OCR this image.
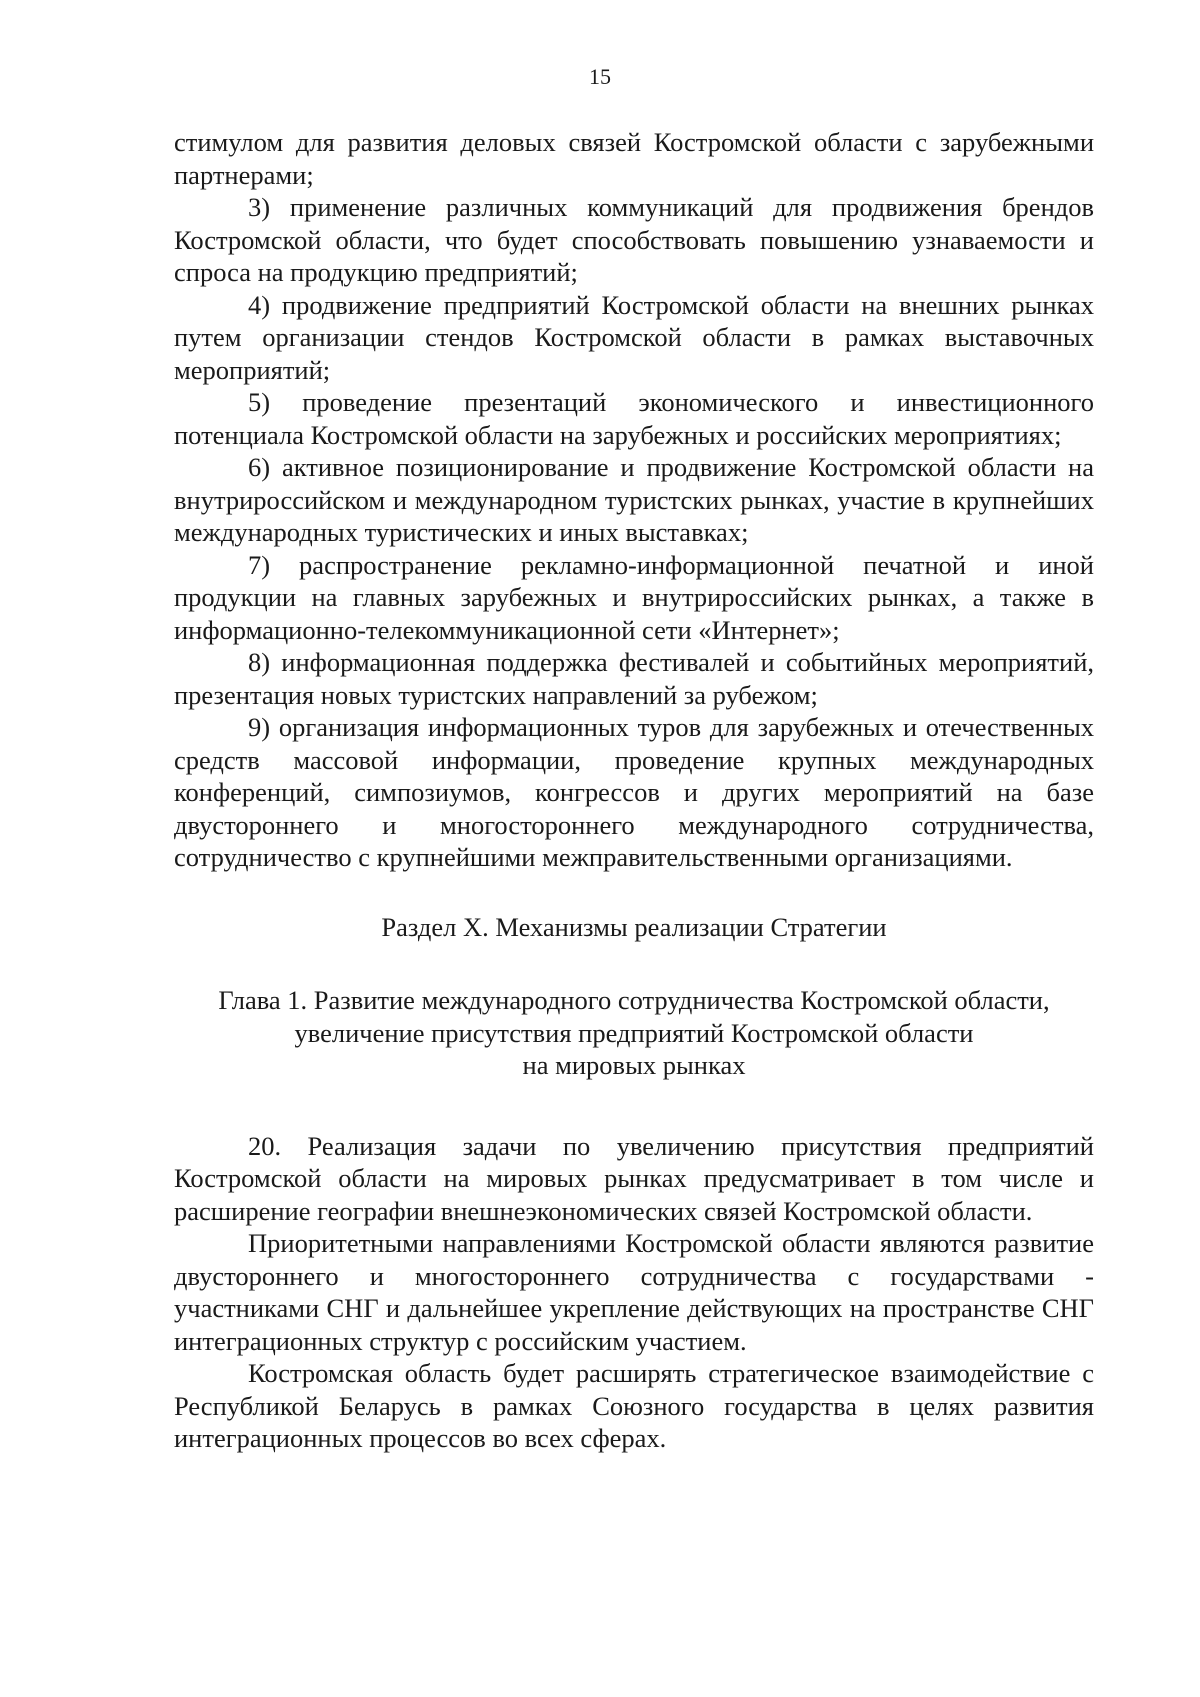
15

стимулом для развития деловых связей Костромской области с зарубежными партнерами;

3) применение различных коммуникаций для продвижения брендов Костромской области, что будет способствовать повышению узнаваемости и спроса на продукцию предприятий;

4) продвижение предприятий Костромской области на внешних рынках путем организации стендов Костромской области в рамках выставочных мероприятий;

5) проведение презентаций экономического и инвестиционного потенциала Костромской области на зарубежных и российских мероприятиях;

6) активное позиционирование и продвижение Костромской области на внутрироссийском и международном туристских рынках, участие в крупнейших международных туристических и иных выставках;

7) распространение рекламно-информационной печатной и иной продукции на главных зарубежных и внутрироссийских рынках, а также в информационно-телекоммуникационной сети «Интернет»;

8) информационная поддержка фестивалей и событийных мероприятий, презентация новых туристских направлений за рубежом;

9) организация информационных туров для зарубежных и отечественных средств массовой информации, проведение крупных международных конференций, симпозиумов, конгрессов и других мероприятий на базе двустороннего и многостороннего международного сотрудничества, сотрудничество с крупнейшими межправительственными организациями.

Раздел X. Механизмы реализации Стратегии

Глава 1. Развитие международного сотрудничества Костромской области,

увеличение присутствия предприятий Костромской области

на мировых рынках

20. Реализация задачи по увеличению присутствия предприятий Костромской области на мировых рынках предусматривает в том числе и расширение географии внешнеэкономических связей Костромской области.

Приоритетными направлениями Костромской области являются развитие двустороннего и многостороннего сотрудничества с государствами - участниками СНГ и дальнейшее укрепление действующих на пространстве СНГ интеграционных структур с российским участием.

Костромская область будет расширять стратегическое взаимодействие с Республикой Беларусь в рамках Союзного государства в целях развития интеграционных процессов во всех сферах.
